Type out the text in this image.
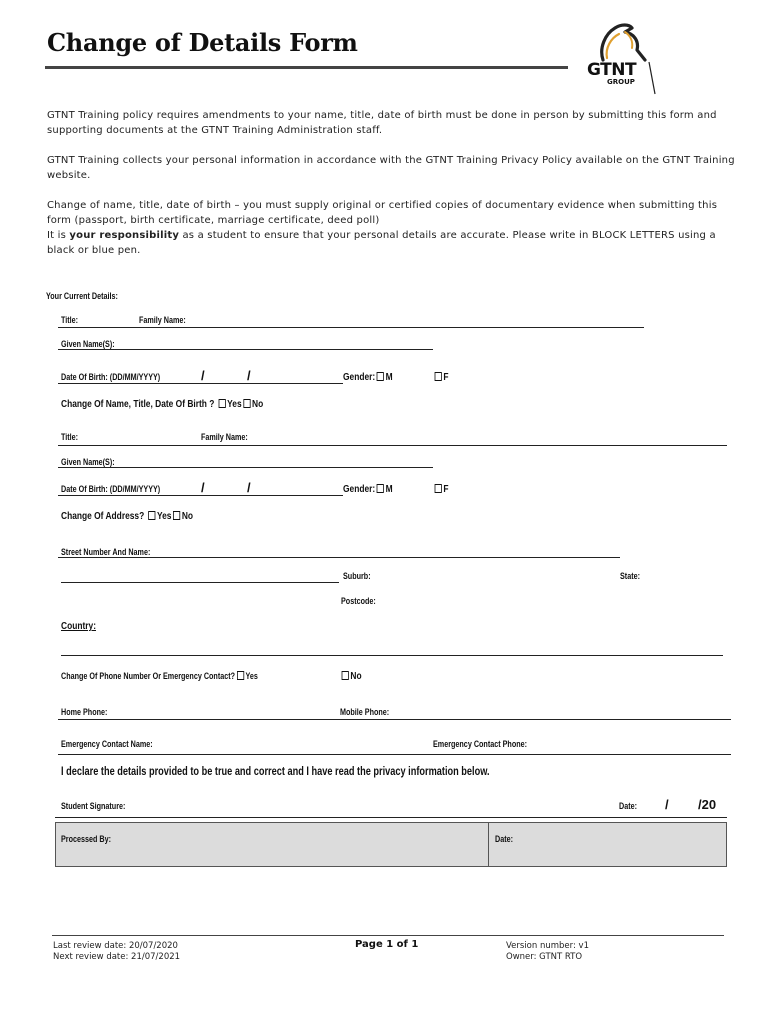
Change of Details Form
GTNT
GROUP
GTNT Training policy requires amendments to your name, title, date of birth must be done in person by submitting this form and supporting documents at the GTNT Training Administration staff.
GTNT Training collects your personal information in accordance with the GTNT Training Privacy Policy available on the GTNT Training website.
Change of name, title, date of birth – you must supply original or certified copies of documentary evidence when submitting this form (passport, birth certificate, marriage certificate, deed poll)
It is your responsibility as a student to ensure that your personal details are accurate. Please write in BLOCK LETTERS using a black or blue pen.
Your Current Details:
Title:	Family Name:
Given Name(S):
Date Of Birth: (DD/MM/YYYY)	/	/	Gender: M	F
Change Of Name, Title, Date Of Birth ? Yes No
Title:	Family Name:
Given Name(S):
Date Of Birth: (DD/MM/YYYY)	/	/	Gender: M	F
Change Of Address? Yes No
Street Number And Name:
Suburb:	State:
Postcode:
Country:
Change Of Phone Number Or Emergency Contact? Yes	No
Home Phone:	Mobile Phone:
Emergency Contact Name:	Emergency Contact Phone:
I declare the details provided to be true and correct and I have read the privacy information below.
Student Signature:	Date: / /20
Processed By:	Date:
Last review date: 20/07/2020
Next review date: 21/07/2021
Page 1 of 1	Version number: v1
Owner: GTNT RTO
